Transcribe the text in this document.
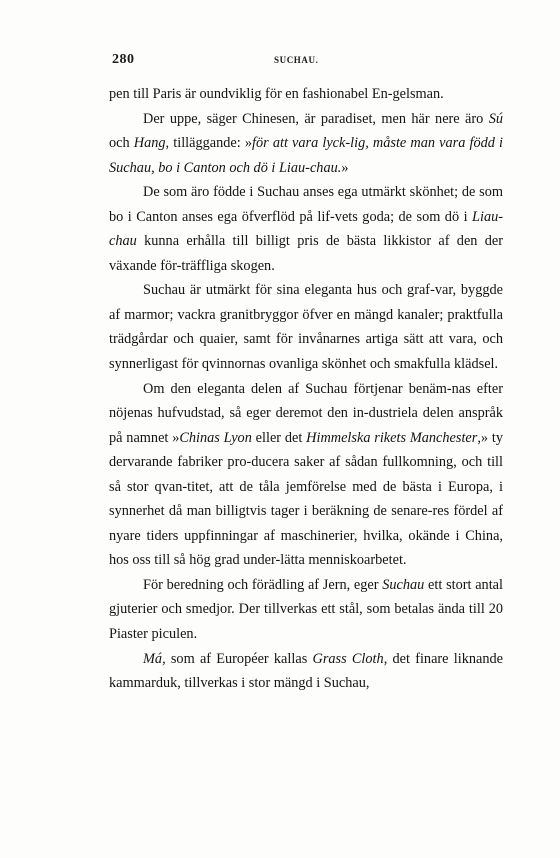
280	SUCHAU.

pen till Paris är oundviklig för en fashionabel En-gelsman.

Der uppe, säger Chinesen, är paradiset, men här nere äro Sú och Hang, tilläggande: »för att vara lyck-lig, måste man vara född i Suchau, bo i Canton och dö i Liau-chau.»

De som äro födde i Suchau anses ega utmärkt skönhet; de som bo i Canton anses ega öfverflöd på lif-vets goda; de som dö i Liau-chau kunna erhålla till billigt pris de bästa likkistor af den der växande för-träffliga skogen.

Suchau är utmärkt för sina eleganta hus och graf-var, byggde af marmor; vackra granitbryggor öfver en mängd kanaler; praktfulla trädgårdar och quaier, samt för invånarnes artiga sätt att vara, och synnerligast för qvinnornas ovanliga skönhet och smakfulla klädsel.

Om den eleganta delen af Suchau förtjenar benäm-nas efter nöjenas hufvudstad, så eger deremot den in-dustriela delen anspråk på namnet »Chinas Lyon eller det Himmelska rikets Manchester,» ty dervarande fabriker pro-ducera saker af sådan fullkomning, och till så stor qvan-titet, att de tåla jemförelse med de bästa i Europa, i synnerhet då man billigtvis tager i beräkning de senare-res fördel af nyare tiders uppfinningar af maschinerier, hvilka, okände i China, hos oss till så hög grad under-lätta menniskoarbetet.

För beredning och förädling af Jern, eger Suchau ett stort antal gjuterier och smedjor. Der tillverkas ett stål, som betalas ända till 20 Piaster piculen.

Má, som af Européer kallas Grass Cloth, det finare liknande kammarduk, tillverkas i stor mängd i Suchau,
